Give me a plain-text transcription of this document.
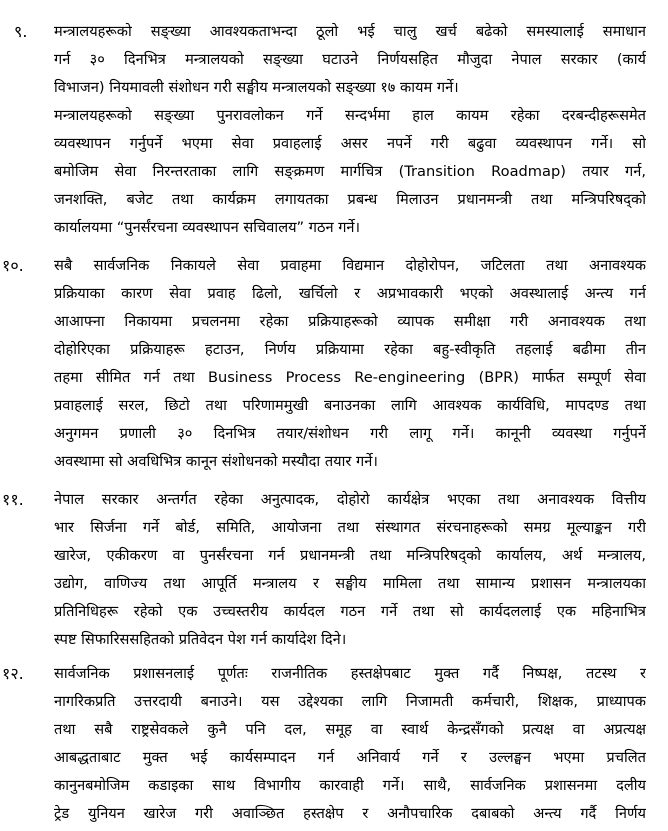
९. मन्त्रालयहरूको सङ्ख्या आवश्यकताभन्दा ठूलो भई चालु खर्च बढेको समस्यालाई समाधान
गर्न ३० दिनभित्र मन्त्रालयको सङ्ख्या घटाउने निर्णयसहित मौजुदा नेपाल सरकार (कार्य
विभाजन) नियमावली संशोधन गरी सङ्घीय मन्त्रालयको सङ्ख्या १७ कायम गर्ने।
मन्त्रालयहरूको सङ्ख्या पुनरावलोकन गर्ने सन्दर्भमा हाल कायम रहेका दरबन्दीहरूसमेत
व्यवस्थापन गर्नुपर्ने भएमा सेवा प्रवाहलाई असर नपर्ने गरी बढुवा व्यवस्थापन गर्ने। सो
बमोजिम सेवा निरन्तरताका लागि सङ्क्रमण मार्गचित्र (Transition Roadmap) तयार गर्न,
जनशक्ति, बजेट तथा कार्यक्रम लगायतका प्रबन्ध मिलाउन प्रधानमन्त्री तथा मन्त्रिपरिषद्को
कार्यालयमा “पुनर्संरचना व्यवस्थापन सचिवालय” गठन गर्ने।
१०. सबै सार्वजनिक निकायले सेवा प्रवाहमा विद्यमान दोहोरोपन, जटिलता तथा अनावश्यक
प्रक्रियाका कारण सेवा प्रवाह ढिलो, खर्चिलो र अप्रभावकारी भएको अवस्थालाई अन्त्य गर्न
आआफ्ना निकायमा प्रचलनमा रहेका प्रक्रियाहरूको व्यापक समीक्षा गरी अनावश्यक तथा
दोहोरिएका प्रक्रियाहरू हटाउन, निर्णय प्रक्रियामा रहेका बहु-स्वीकृति तहलाई बढीमा तीन
तहमा सीमित गर्न तथा Business Process Re-engineering (BPR) मार्फत सम्पूर्ण सेवा
प्रवाहलाई सरल, छिटो तथा परिणाममुखी बनाउनका लागि आवश्यक कार्यविधि, मापदण्ड तथा
अनुगमन प्रणाली ३० दिनभित्र तयार/संशोधन गरी लागू गर्ने। कानूनी व्यवस्था गर्नुपर्ने
अवस्थामा सो अवधिभित्र कानून संशोधनको मस्यौदा तयार गर्ने।
११. नेपाल सरकार अन्तर्गत रहेका अनुत्पादक, दोहोरो कार्यक्षेत्र भएका तथा अनावश्यक वित्तीय
भार सिर्जना गर्ने बोर्ड, समिति, आयोजना तथा संस्थागत संरचनाहरूको समग्र मूल्याङ्कन गरी
खारेज, एकीकरण वा पुनर्संरचना गर्न प्रधानमन्त्री तथा मन्त्रिपरिषद्को कार्यालय, अर्थ मन्त्रालय,
उद्योग, वाणिज्य तथा आपूर्ति मन्त्रालय र सङ्घीय मामिला तथा सामान्य प्रशासन मन्त्रालयका
प्रतिनिधिहरू रहेको एक उच्चस्तरीय कार्यदल गठन गर्ने तथा सो कार्यदललाई एक महिनाभित्र
स्पष्ट सिफारिससहितको प्रतिवेदन पेश गर्न कार्यादेश दिने।
१२. सार्वजनिक प्रशासनलाई पूर्णतः राजनीतिक हस्तक्षेपबाट मुक्त गर्दै निष्पक्ष, तटस्थ र
नागरिकप्रति उत्तरदायी बनाउने। यस उद्देश्यका लागि निजामती कर्मचारी, शिक्षक, प्राध्यापक
तथा सबै राष्ट्रसेवकले कुनै पनि दल, समूह वा स्वार्थ केन्द्रसँगको प्रत्यक्ष वा अप्रत्यक्ष
आबद्धताबाट मुक्त भई कार्यसम्पादन गर्न अनिवार्य गर्ने र उल्लङ्घन भएमा प्रचलित
कानुनबमोजिम कडाइका साथ विभागीय कारवाही गर्ने। साथै, सार्वजनिक प्रशासनमा दलीय
ट्रेड युनियन खारेज गरी अवाञ्छित हस्तक्षेप र अनौपचारिक दबाबको अन्त्य गर्दै निर्णय
